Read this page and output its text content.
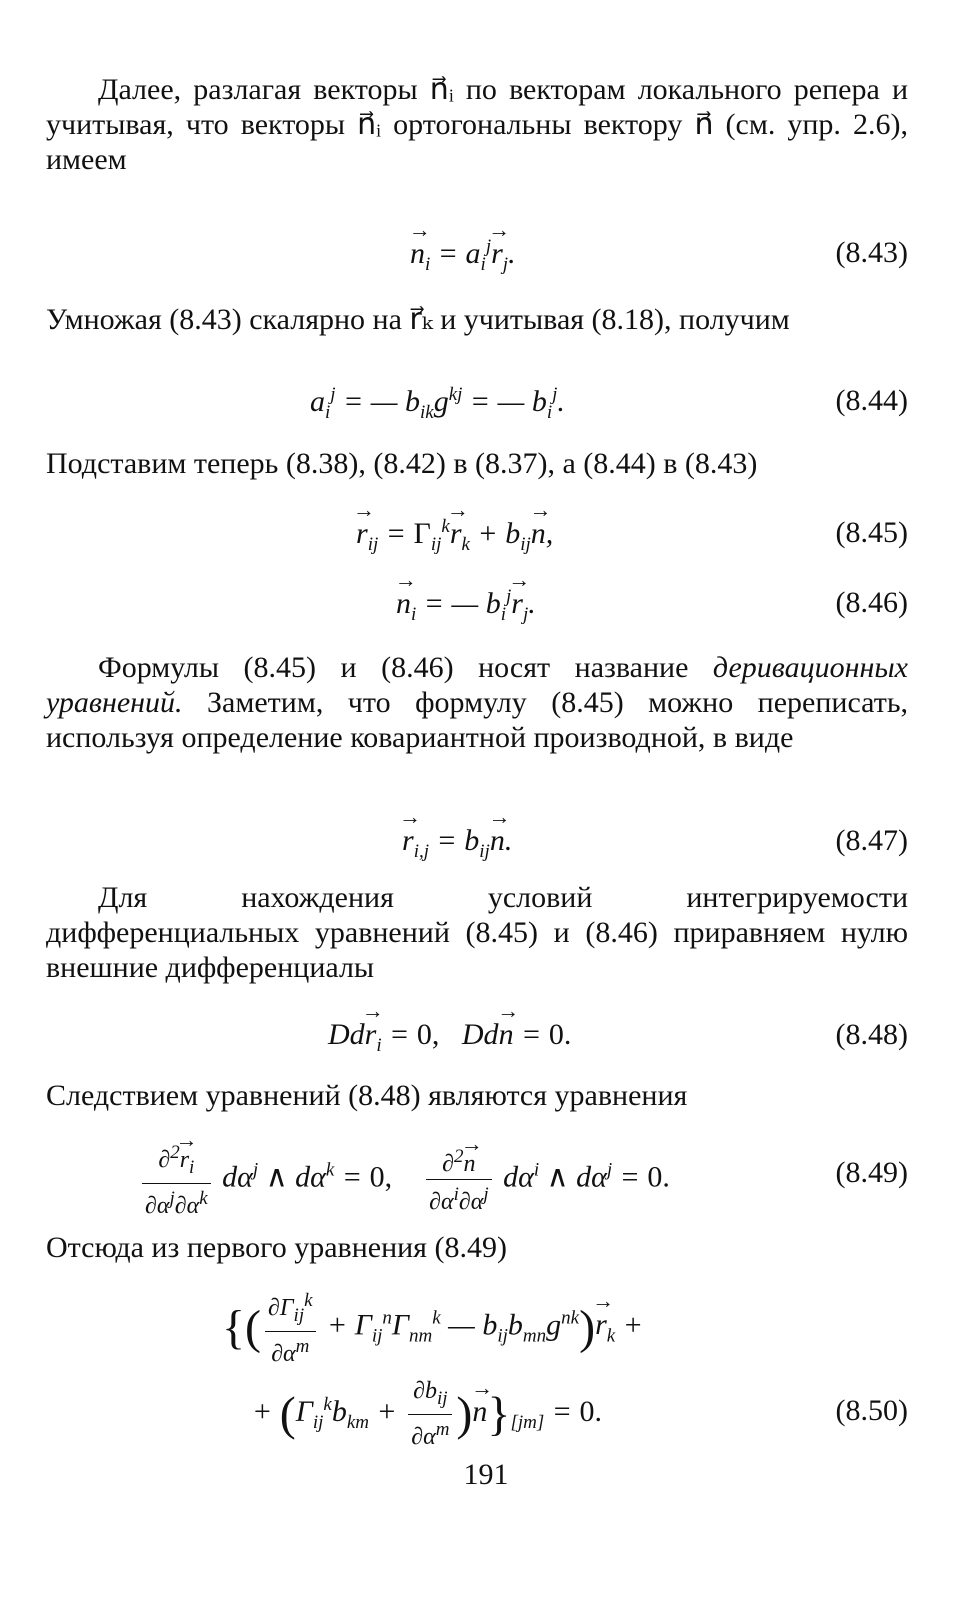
Далее, разлагая векторы n⃗ᵢ по векторам локального репера и учитывая, что векторы n⃗ᵢ ортогональны вектору n⃗ (см. упр. 2.6), имеем

→ $n_i = a_i^j\to r_j$.	(8.43)

Умножая (8.43) скалярно на r⃗ₖ и учитывая (8.18), получим

$a_i^j$ = — $b_{ik}g^{kj}$ = — $b_i^j$.	(8.44)

Подставим теперь (8.38), (8.42) в (8.37), а (8.44) в (8.43)

→ $r_{ij} = \Gamma_{ij}^k\to r_k + b_{ij}\to n$,	(8.45)
→ $n_i$ = — $b_i^j\to r_j$.	(8.46)

Формулы (8.45) и (8.46) носят название деривационных уравнений. Заметим, что формулу (8.45) можно переписать, используя определение ковариантной производной, в виде

→ $r_{i,j} = b_{ij}\to n$.	(8.47)

Для нахождения условий интегрируемости дифференциальных уравнений (8.45) и (8.46) приравняем нулю внешние дифференциалы

$Dd\to r_i = 0$,   Dd→ n = 0.	(8.48)

Следствием уравнений (8.48) являются уравнения

$\frac{\partial^2\to r_i}{\partial\alpha^j\partial\alpha^k} d\alpha^j$ ∧ $d\alpha^k = 0$, $\frac{\partial^2\to n}{\partial\alpha^i\partial\alpha^j} d\alpha^i$ ∧ $d\alpha^j = 0$.	(8.49)

Отсюда из первого уравнения (8.49)

{( $\frac{\partial\Gamma_{ij}^k}{\partial\alpha^m} + \Gamma_{ij}^n\Gamma_{nm}^k$ — $b_{ij}b_{mn}g^{nk})\to r_k$ +
+ ($\Gamma_{ij}^kb_{km} + \frac{\partial b_{ij}}{\partial\alpha^m}$ )→ $n\}_{[jm]} = 0$.	(8.50)
191
